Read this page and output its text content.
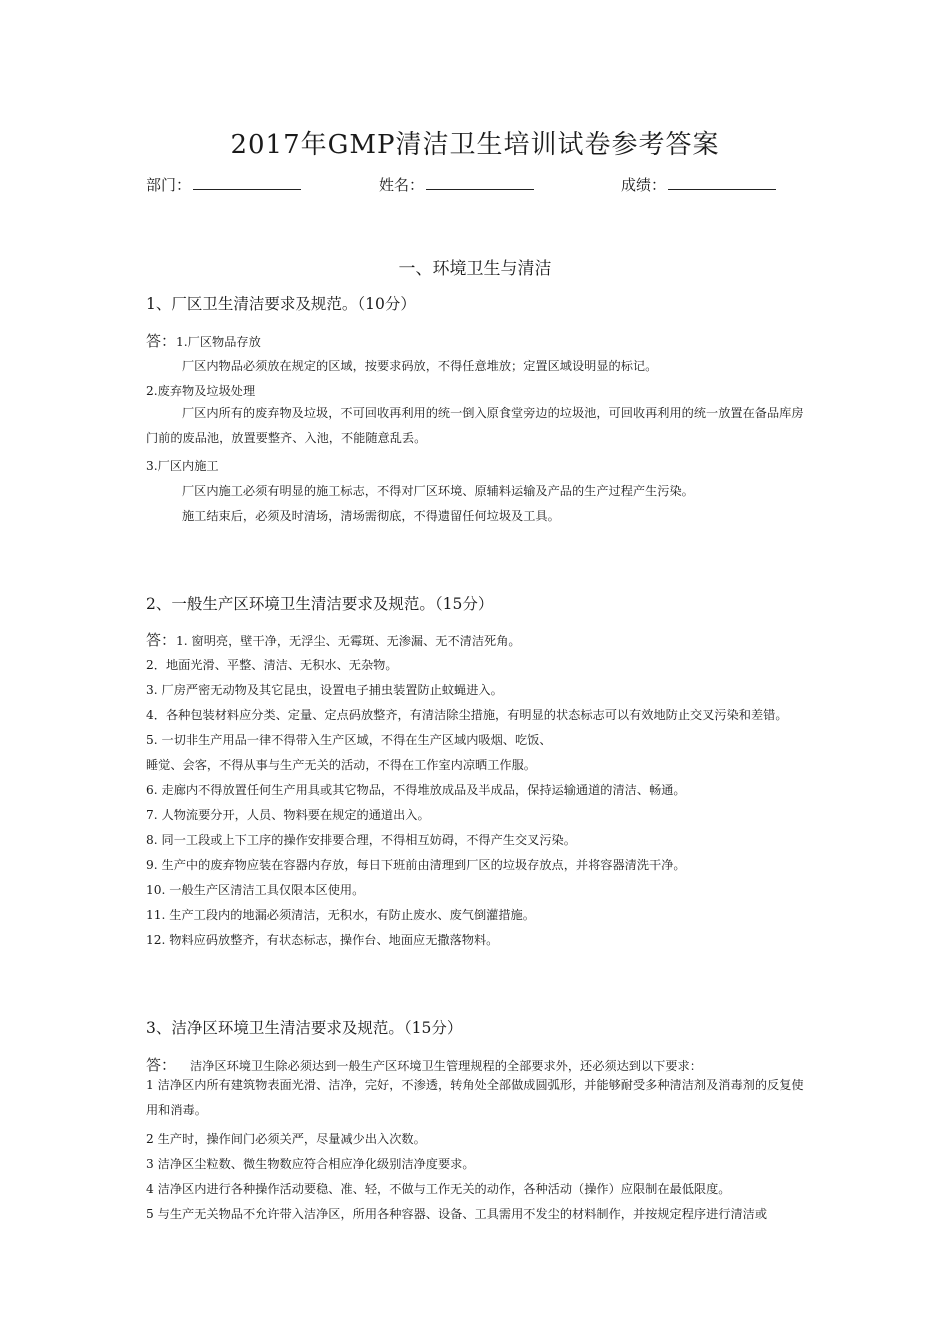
2017年GMP清洁卫生培训试卷参考答案
部门：	姓名：	成绩：
一、环境卫生与清洁
1、厂区卫生清洁要求及规范。（10分）
答：1.厂区物品存放
厂区内物品必须放在规定的区域，按要求码放，不得任意堆放；定置区域设明显的标记。
2.废弃物及垃圾处理
厂区内所有的废弃物及垃圾，不可回收再利用的统一倒入原食堂旁边的垃圾池，可回收再利用的统一放置在备品库房门前的废品池，放置要整齐、入池，不能随意乱丢。
3.厂区内施工
厂区内施工必须有明显的施工标志，不得对厂区环境、原辅料运输及产品的生产过程产生污染。
施工结束后，必须及时清场，清场需彻底，不得遗留任何垃圾及工具。
2、一般生产区环境卫生清洁要求及规范。（15分）
答：1. 窗明亮，壁干净，无浮尘、无霉斑、无渗漏、无不清洁死角。
2．地面光滑、平整、清洁、无积水、无杂物。
3. 厂房严密无动物及其它昆虫，设置电子捕虫装置防止蚊蝇进入。
4．各种包装材料应分类、定量、定点码放整齐，有清洁除尘措施，有明显的状态标志可以有效地防止交叉污染和差错。
5. 一切非生产用品一律不得带入生产区域，不得在生产区域内吸烟、吃饭、
睡觉、会客，不得从事与生产无关的活动，不得在工作室内凉晒工作服。
6. 走廊内不得放置任何生产用具或其它物品，不得堆放成品及半成品，保持运输通道的清洁、畅通。
7. 人物流要分开，人员、物料要在规定的通道出入。
8. 同一工段或上下工序的操作安排要合理，不得相互妨碍，不得产生交叉污染。
9. 生产中的废弃物应装在容器内存放，每日下班前由清理到厂区的垃圾存放点，并将容器清洗干净。
10. 一般生产区清洁工具仅限本区使用。
11. 生产工段内的地漏必须清洁，无积水，有防止废水、废气倒灌措施。
12. 物料应码放整齐，有状态标志，操作台、地面应无撒落物料。
3、洁净区环境卫生清洁要求及规范。（15分）
答： 洁净区环境卫生除必须达到一般生产区环境卫生管理规程的全部要求外，还必须达到以下要求：
1 洁净区内所有建筑物表面光滑、洁净，完好，不渗透，转角处全部做成圆弧形，并能够耐受多种清洁剂及消毒剂的反复使用和消毒。
2 生产时，操作间门必须关严，尽量减少出入次数。
3 洁净区尘粒数、微生物数应符合相应净化级别洁净度要求。
4 洁净区内进行各种操作活动要稳、准、轻，不做与工作无关的动作，各种活动（操作）应限制在最低限度。
5 与生产无关物品不允许带入洁净区，所用各种容器、设备、工具需用不发尘的材料制作，并按规定程序进行清洁或
